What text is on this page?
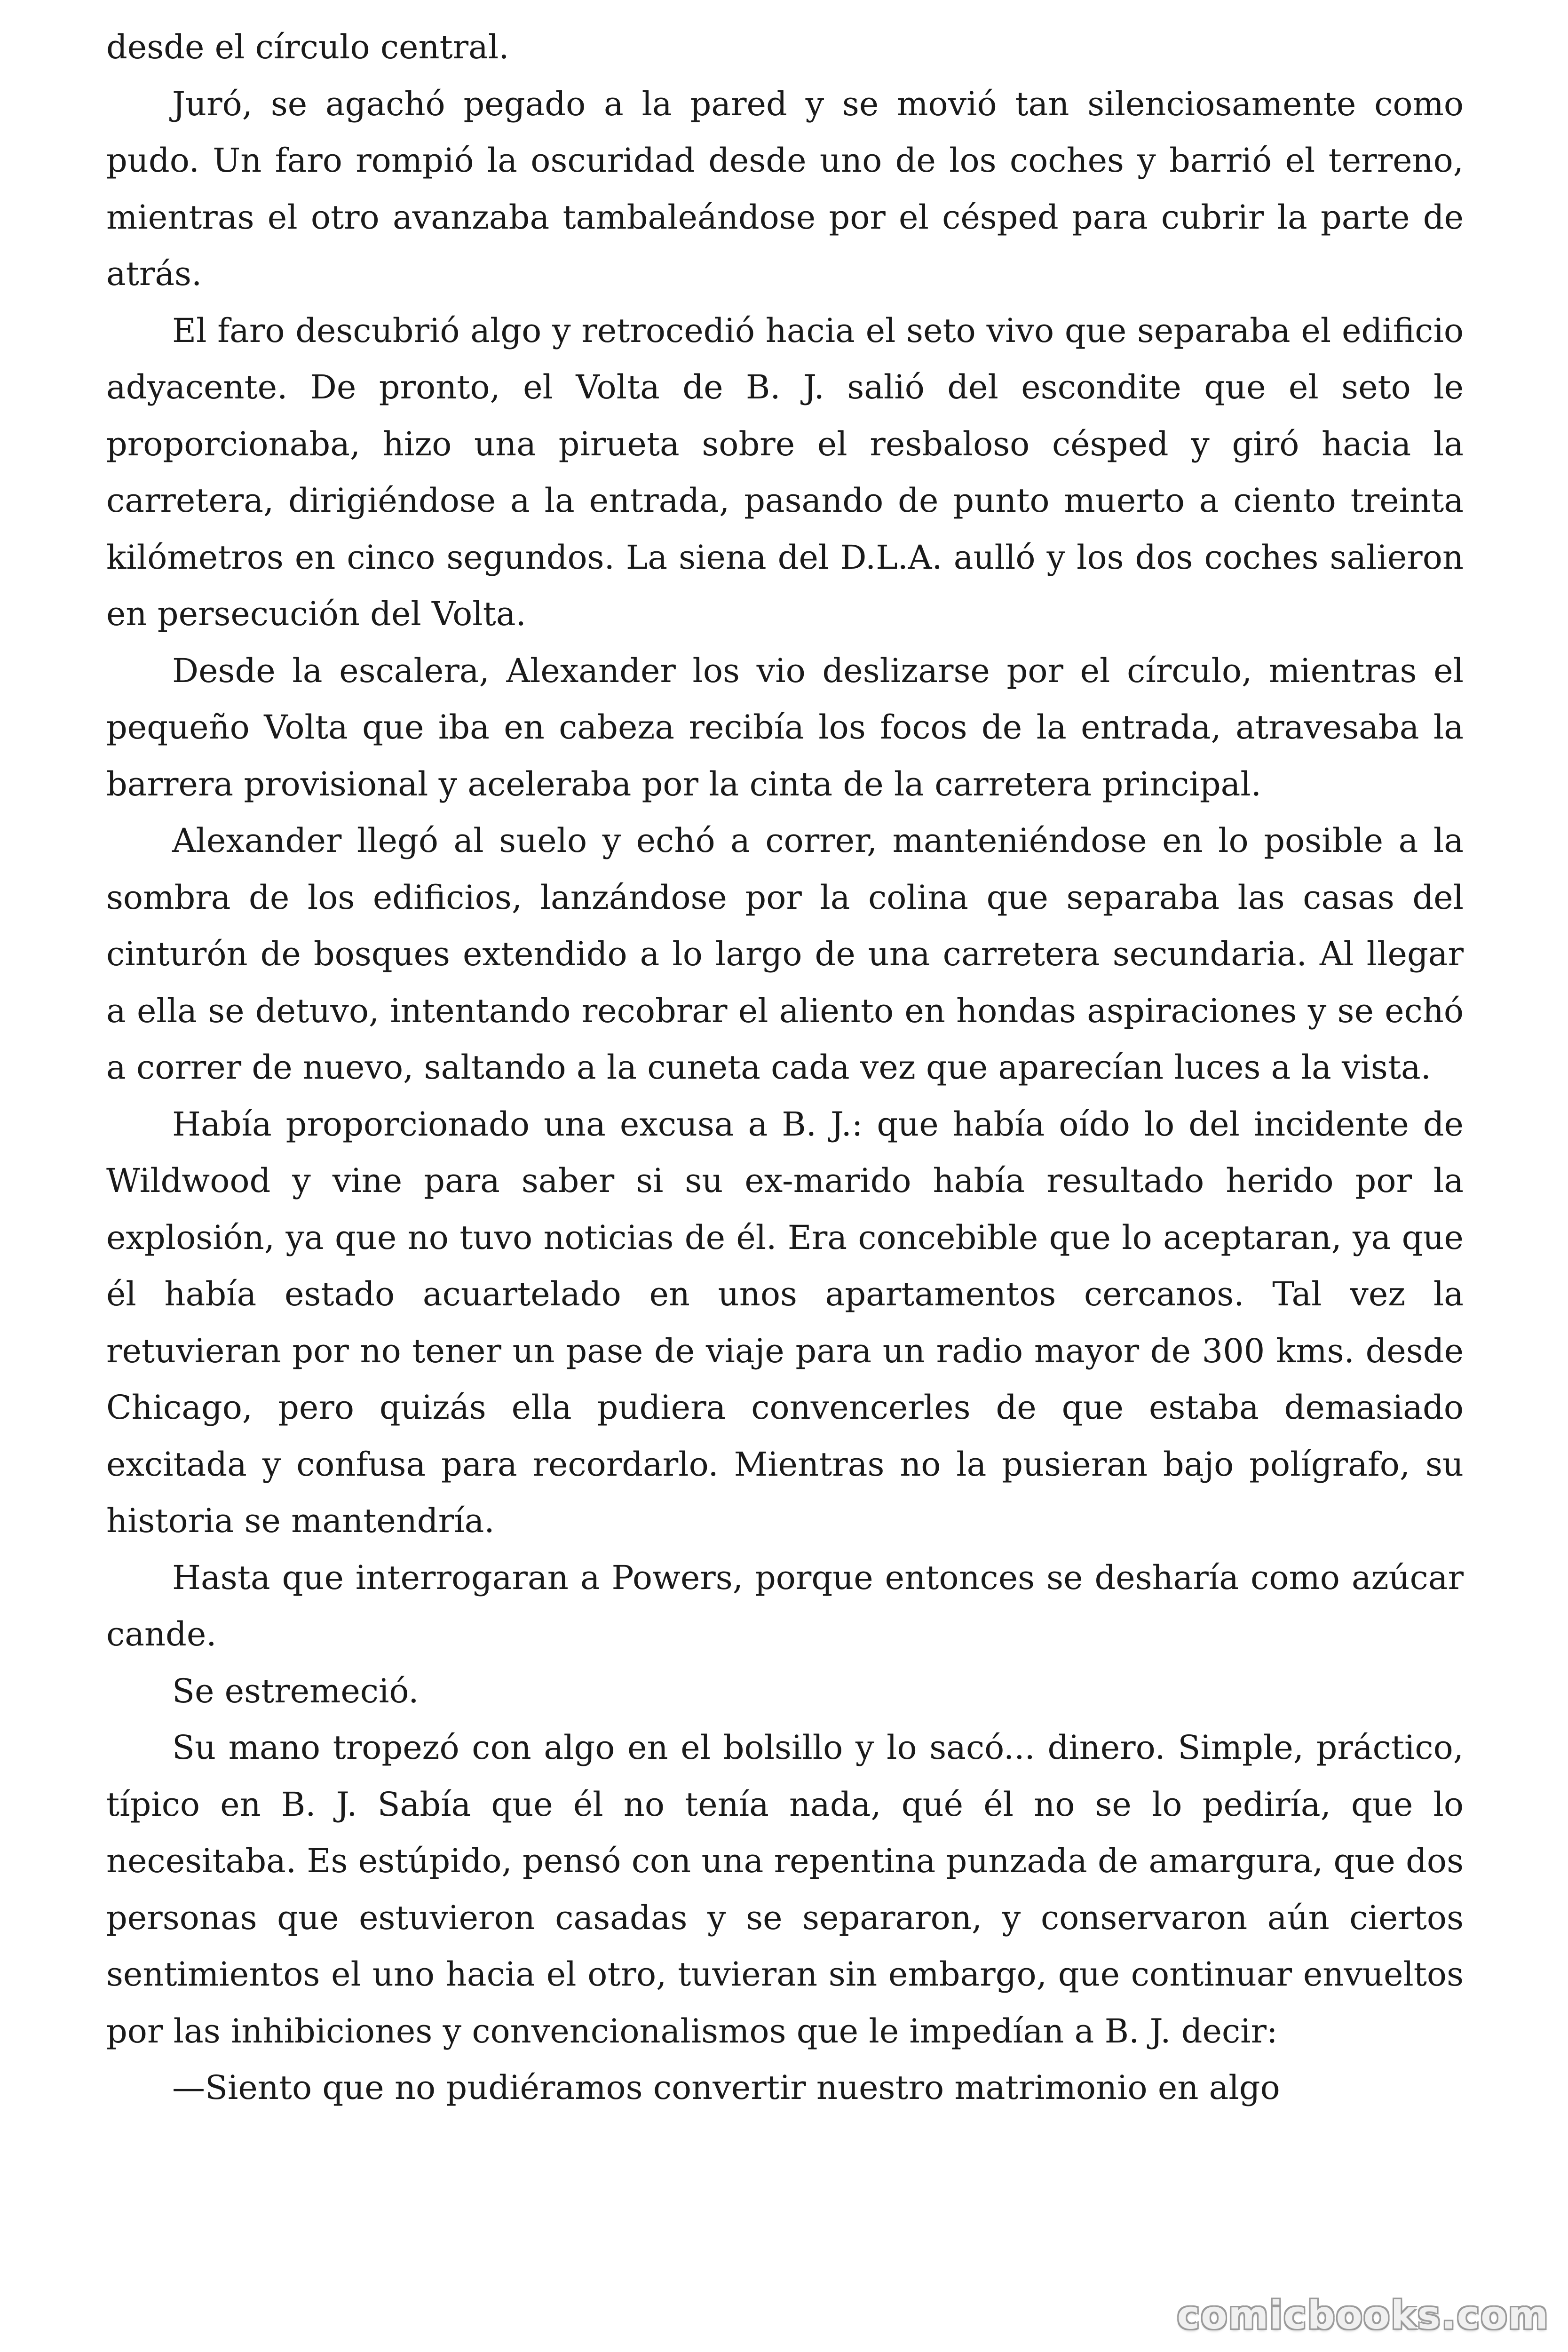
desde el círculo central.

Juró, se agachó pegado a la pared y se movió tan silenciosamente como pudo. Un faro rompió la oscuridad desde uno de los coches y barrió el terreno, mientras el otro avanzaba tambaleándose por el césped para cubrir la parte de atrás.

El faro descubrió algo y retrocedió hacia el seto vivo que separaba el edificio adyacente. De pronto, el Volta de B. J. salió del escondite que el seto le proporcionaba, hizo una pirueta sobre el resbaloso césped y giró hacia la carretera, dirigiéndose a la entrada, pasando de punto muerto a ciento treinta kilómetros en cinco segundos. La siena del D.L.A. aulló y los dos coches salieron en persecución del Volta.

Desde la escalera, Alexander los vio deslizarse por el círculo, mientras el pequeño Volta que iba en cabeza recibía los focos de la entrada, atravesaba la barrera provisional y aceleraba por la cinta de la carretera principal.

Alexander llegó al suelo y echó a correr, manteniéndose en lo posible a la sombra de los edificios, lanzándose por la colina que separaba las casas del cinturón de bosques extendido a lo largo de una carretera secundaria. Al llegar a ella se detuvo, intentando recobrar el aliento en hondas aspiraciones y se echó a correr de nuevo, saltando a la cuneta cada vez que aparecían luces a la vista.

Había proporcionado una excusa a B. J.: que había oído lo del incidente de Wildwood y vine para saber si su ex-marido había resultado herido por la explosión, ya que no tuvo noticias de él. Era concebible que lo aceptaran, ya que él había estado acuartelado en unos apartamentos cercanos. Tal vez la retuvieran por no tener un pase de viaje para un radio mayor de 300 kms. desde Chicago, pero quizás ella pudiera convencerles de que estaba demasiado excitada y confusa para recordarlo. Mientras no la pusieran bajo polígrafo, su historia se mantendría.

Hasta que interrogaran a Powers, porque entonces se desharía como azúcar cande.

Se estremeció.

Su mano tropezó con algo en el bolsillo y lo sacó... dinero. Simple, práctico, típico en B. J. Sabía que él no tenía nada, qué él no se lo pediría, que lo necesitaba. Es estúpido, pensó con una repentina punzada de amargura, que dos personas que estuvieron casadas y se separaron, y conservaron aún ciertos sentimientos el uno hacia el otro, tuvieran sin embargo, que continuar envueltos por las inhibiciones y convencionalismos que le impedían a B. J. decir:

—Siento que no pudiéramos convertir nuestro matrimonio en algo

comicbooks.com
